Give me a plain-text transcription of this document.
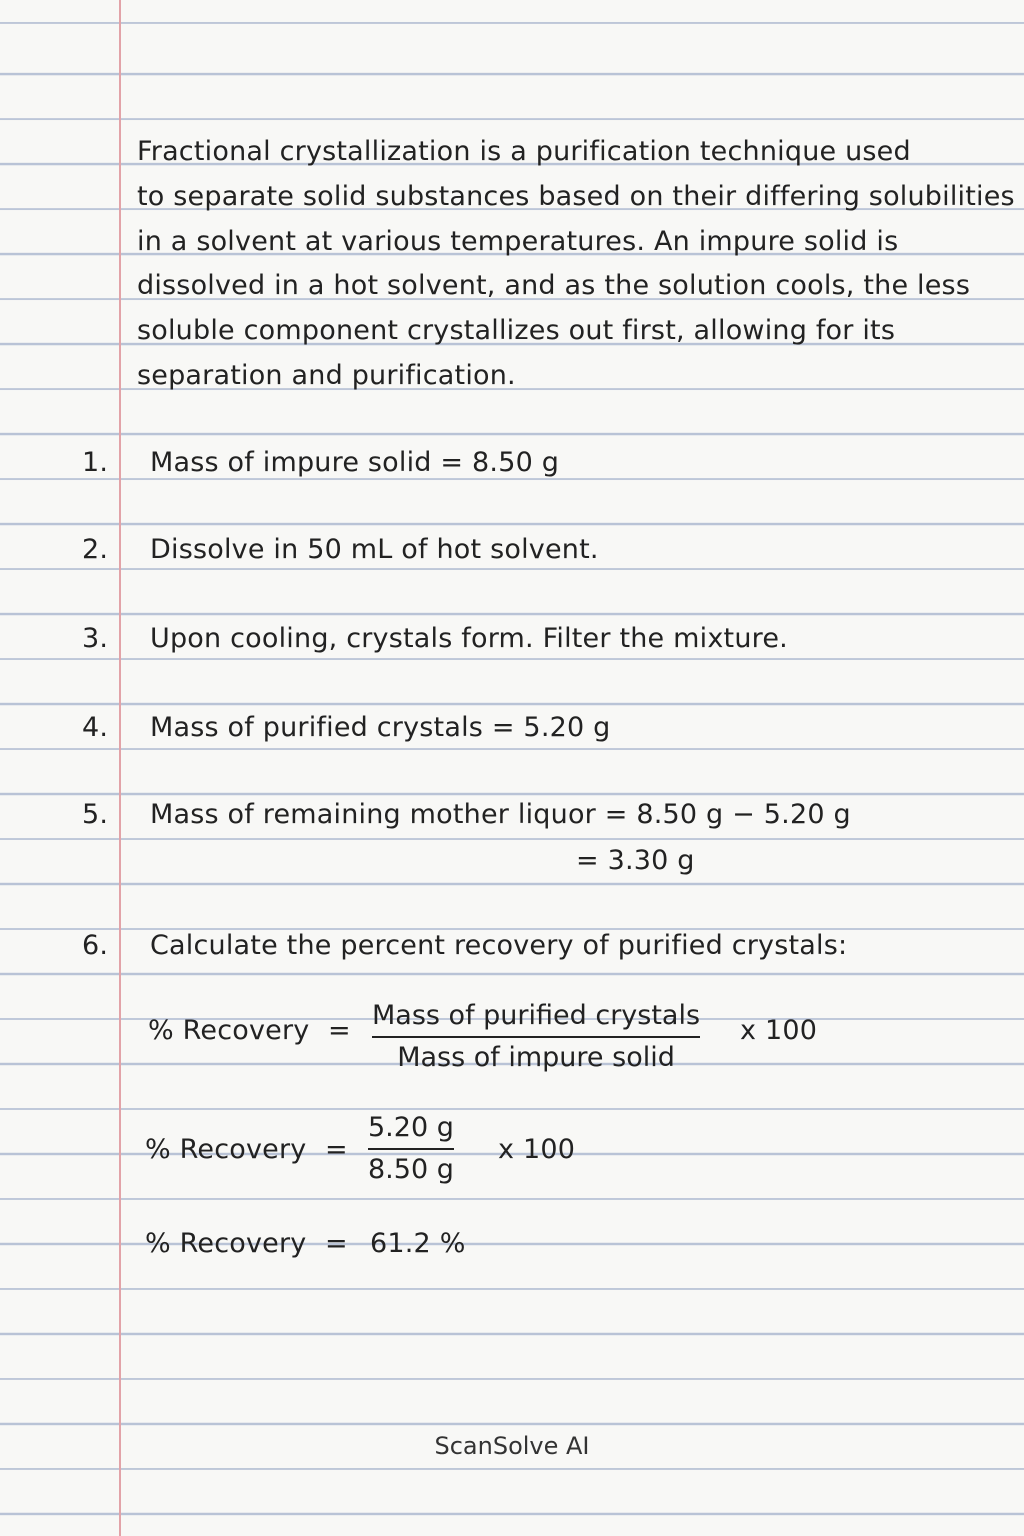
Fractional crystallization is a purification technique used
to separate solid substances based on their differing solubilities
in a solvent at various temperatures. An impure solid is
dissolved in a hot solvent, and as the solution cools, the less
soluble component crystallizes out first, allowing for its
separation and purification.
1. Mass of impure solid = 8.50 g
2. Dissolve in 50 mL of hot solvent.
3. Upon cooling, crystals form. Filter the mixture.
4. Mass of purified crystals = 5.20 g
5. Mass of remaining mother liquor = 8.50 g − 5.20 g
= 3.30 g
6. Calculate the percent recovery of purified crystals:
% Recovery = Mass of purified crystals
Mass of impure solid
x 100
% Recovery =
5.20 g
8.50 g
x 100
% Recovery = 61.2 %
ScanSolve AI
